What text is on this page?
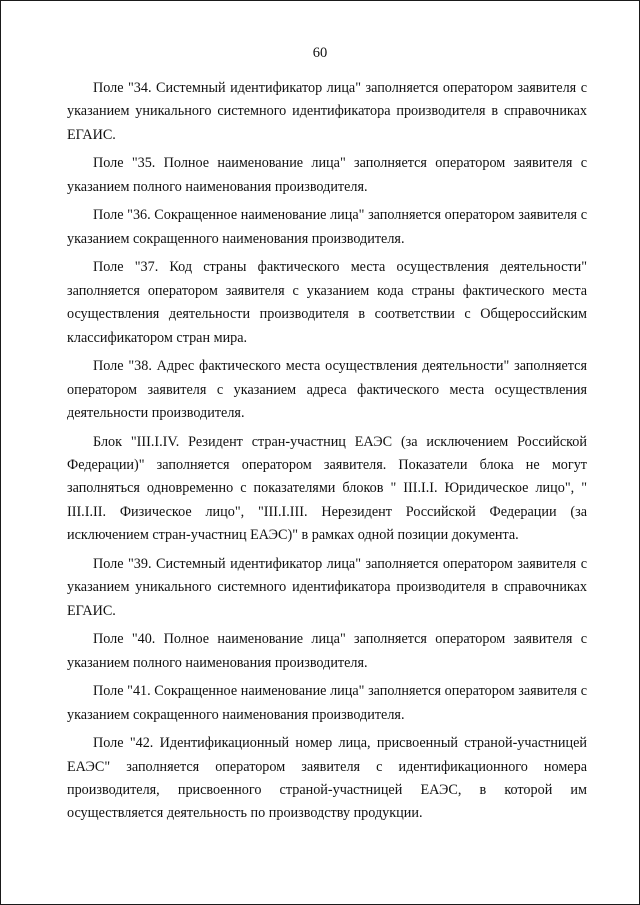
60

Поле "34. Системный идентификатор лица" заполняется оператором заявителя с указанием уникального системного идентификатора производителя в справочниках ЕГАИС.

Поле "35. Полное наименование лица" заполняется оператором заявителя с указанием полного наименования производителя.

Поле "36. Сокращенное наименование лица" заполняется оператором заявителя с указанием сокращенного наименования производителя.

Поле "37. Код страны фактического места осуществления деятельности" заполняется оператором заявителя с указанием кода страны фактического места осуществления деятельности производителя в соответствии с Общероссийским классификатором стран мира.

Поле "38. Адрес фактического места осуществления деятельности" заполняется оператором заявителя с указанием адреса фактического места осуществления деятельности производителя.

Блок "III.I.IV. Резидент стран-участниц ЕАЭС (за исключением Российской Федерации)" заполняется оператором заявителя. Показатели блока не могут заполняться одновременно с показателями блоков " III.I.I. Юридическое лицо", " III.I.II. Физическое лицо", "III.I.III. Нерезидент Российской Федерации (за исключением стран-участниц ЕАЭС)" в рамках одной позиции документа.

Поле "39. Системный идентификатор лица" заполняется оператором заявителя с указанием уникального системного идентификатора производителя в справочниках ЕГАИС.

Поле "40. Полное наименование лица" заполняется оператором заявителя с указанием полного наименования производителя.

Поле "41. Сокращенное наименование лица" заполняется оператором заявителя с указанием сокращенного наименования производителя.

Поле "42. Идентификационный номер лица, присвоенный страной-участницей ЕАЭС" заполняется оператором заявителя с идентификационного номера производителя, присвоенного страной-участницей ЕАЭС, в которой им осуществляется деятельность по производству продукции.
